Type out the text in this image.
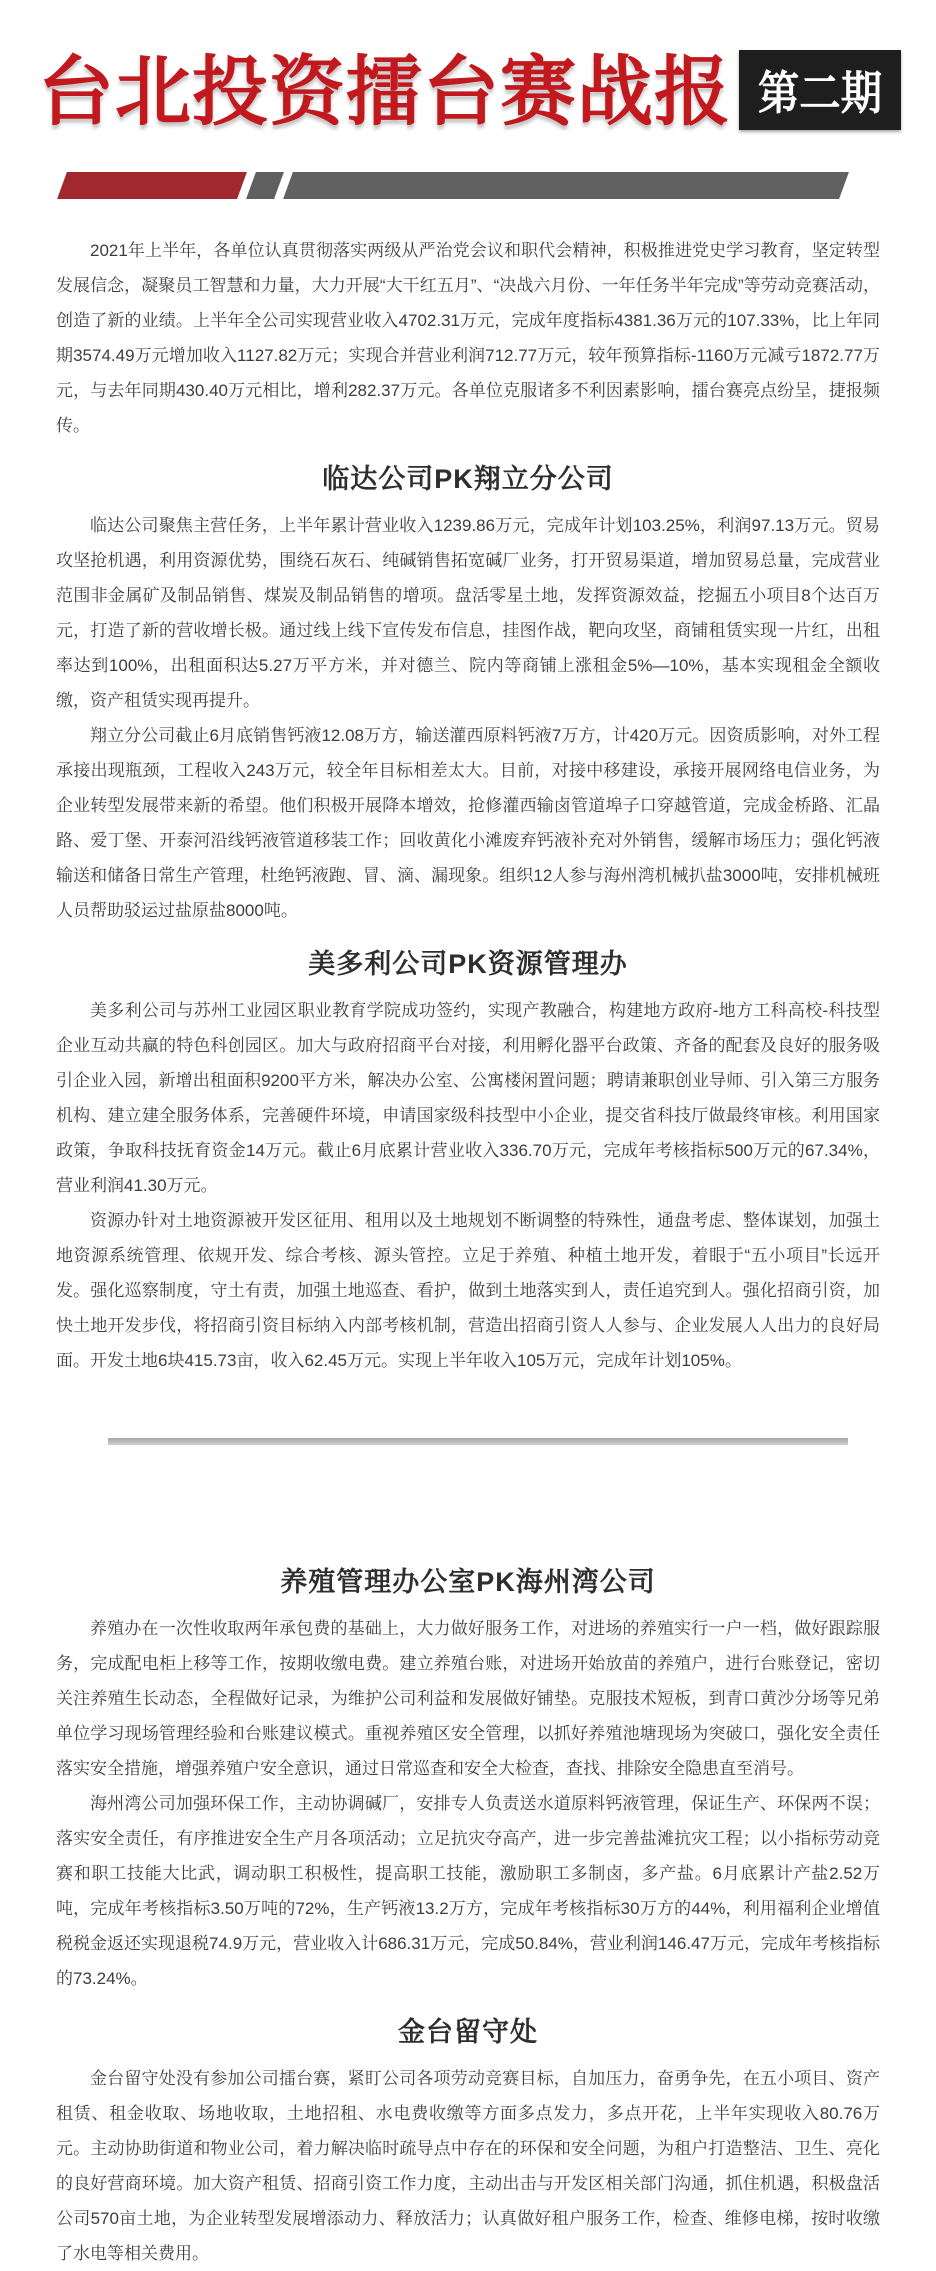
台北投资擂台赛战报 第二期

2021年上半年，各单位认真贯彻落实两级从严治党会议和职代会精神，积极推进党史学习教育，坚定转型发展信念，凝聚员工智慧和力量，大力开展“大干红五月”、“决战六月份、一年任务半年完成”等劳动竞赛活动，创造了新的业绩。上半年全公司实现营业收入4702.31万元，完成年度指标4381.36万元的107.33%，比上年同期3574.49万元增加收入1127.82万元；实现合并营业利润712.77万元，较年预算指标-1160万元减亏1872.77万元，与去年同期430.40万元相比，增利282.37万元。各单位克服诸多不利因素影响，擂台赛亮点纷呈，捷报频传。

临达公司PK翔立分公司

临达公司聚焦主营任务，上半年累计营业收入1239.86万元，完成年计划103.25%，利润97.13万元。贸易攻坚抢机遇，利用资源优势，围绕石灰石、纯碱销售拓宽碱厂业务，打开贸易渠道，增加贸易总量，完成营业范围非金属矿及制品销售、煤炭及制品销售的增项。盘活零星土地，发挥资源效益，挖掘五小项目8个达百万元，打造了新的营收增长极。通过线上线下宣传发布信息，挂图作战，靶向攻坚，商铺租赁实现一片红，出租率达到100%，出租面积达5.27万平方米，并对德兰、院内等商铺上涨租金5%—10%，基本实现租金全额收缴，资产租赁实现再提升。

翔立分公司截止6月底销售钙液12.08万方，输送灌西原料钙液7万方，计420万元。因资质影响，对外工程承接出现瓶颈，工程收入243万元，较全年目标相差太大。目前，对接中移建设，承接开展网络电信业务，为企业转型发展带来新的希望。他们积极开展降本增效，抢修灌西输卤管道埠子口穿越管道，完成金桥路、汇晶路、爱丁堡、开泰河沿线钙液管道移装工作；回收黄化小滩废弃钙液补充对外销售，缓解市场压力；强化钙液输送和储备日常生产管理，杜绝钙液跑、冒、滴、漏现象。组织12人参与海州湾机械扒盐3000吨，安排机械班人员帮助驳运过盐原盐8000吨。

美多利公司PK资源管理办

美多利公司与苏州工业园区职业教育学院成功签约，实现产教融合，构建地方政府-地方工科高校-科技型企业互动共赢的特色科创园区。加大与政府招商平台对接，利用孵化器平台政策、齐备的配套及良好的服务吸引企业入园，新增出租面积9200平方米，解决办公室、公寓楼闲置问题；聘请兼职创业导师、引入第三方服务机构、建立建全服务体系，完善硬件环境，申请国家级科技型中小企业，提交省科技厅做最终审核。利用国家政策，争取科技抚育资金14万元。截止6月底累计营业收入336.70万元，完成年考核指标500万元的67.34%，营业利润41.30万元。

资源办针对土地资源被开发区征用、租用以及土地规划不断调整的特殊性，通盘考虑、整体谋划，加强土地资源系统管理、依规开发、综合考核、源头管控。立足于养殖、种植土地开发，着眼于“五小项目”长远开发。强化巡察制度，守土有责，加强土地巡查、看护，做到土地落实到人，责任追究到人。强化招商引资，加快土地开发步伐，将招商引资目标纳入内部考核机制，营造出招商引资人人参与、企业发展人人出力的良好局面。开发土地6块415.73亩，收入62.45万元。实现上半年收入105万元，完成年计划105%。

养殖管理办公室PK海州湾公司

养殖办在一次性收取两年承包费的基础上，大力做好服务工作，对进场的养殖实行一户一档，做好跟踪服务，完成配电柜上移等工作，按期收缴电费。建立养殖台账，对进场开始放苗的养殖户，进行台账登记，密切关注养殖生长动态，全程做好记录，为维护公司利益和发展做好铺垫。克服技术短板，到青口黄沙分场等兄弟单位学习现场管理经验和台账建议模式。重视养殖区安全管理，以抓好养殖池塘现场为突破口，强化安全责任落实安全措施，增强养殖户安全意识，通过日常巡查和安全大检查，查找、排除安全隐患直至消号。

海州湾公司加强环保工作，主动协调碱厂，安排专人负责送水道原料钙液管理，保证生产、环保两不误；落实安全责任，有序推进安全生产月各项活动；立足抗灾夺高产，进一步完善盐滩抗灾工程；以小指标劳动竞赛和职工技能大比武，调动职工积极性，提高职工技能，激励职工多制卤，多产盐。6月底累计产盐2.52万吨，完成年考核指标3.50万吨的72%，生产钙液13.2万方，完成年考核指标30万方的44%，利用福利企业增值税税金返还实现退税74.9万元，营业收入计686.31万元，完成50.84%，营业利润146.47万元，完成年考核指标的73.24%。

金台留守处

金台留守处没有参加公司擂台赛，紧盯公司各项劳动竞赛目标，自加压力，奋勇争先，在五小项目、资产租赁、租金收取、场地收取，土地招租、水电费收缴等方面多点发力，多点开花，上半年实现收入80.76万元。主动协助街道和物业公司，着力解决临时疏导点中存在的环保和安全问题，为租户打造整洁、卫生、亮化的良好营商环境。加大资产租赁、招商引资工作力度，主动出击与开发区相关部门沟通，抓住机遇，积极盘活公司570亩土地，为企业转型发展增添动力、释放活力；认真做好租户服务工作，检查、维修电梯，按时收缴了水电等相关费用。
